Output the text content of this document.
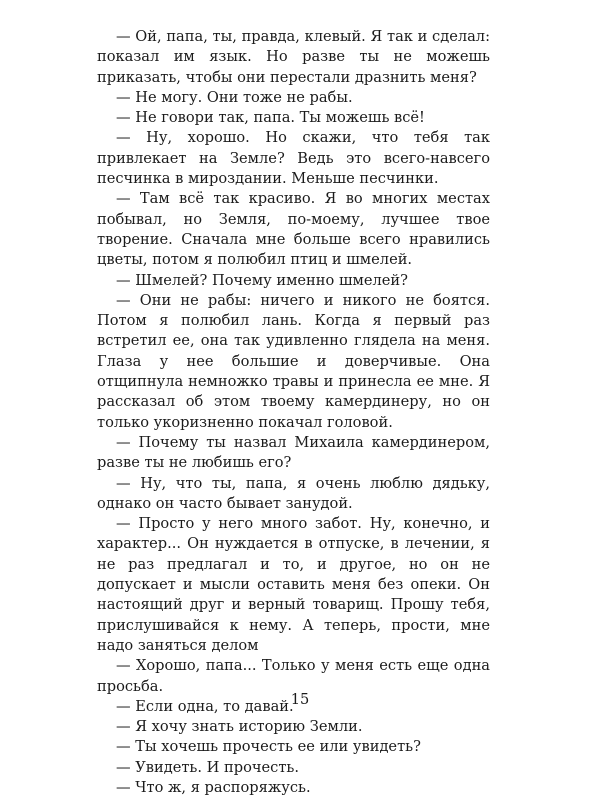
— Ой, папа, ты, правда, клевый. Я так и сделал: показал им язык. Но разве ты не можешь приказать, чтобы они перестали дразнить меня?

— Не могу. Они тоже не рабы.

— Не говори так, папа. Ты можешь всё!

— Ну, хорошо. Но скажи, что тебя так привлекает на Земле? Ведь это всего-навсего песчинка в мироздании. Меньше песчинки.

— Там всё так красиво. Я во многих местах побывал, но Земля, по-моему, лучшее твое творение. Сначала мне больше всего нравились цветы, потом я полюбил птиц и шмелей.

— Шмелей? Почему именно шмелей?

— Они не рабы: ничего и никого не боятся. Потом я полюбил лань. Когда я первый раз встретил ее, она так удивленно глядела на меня. Глаза у нее большие и доверчивые. Она отщипнула немножко травы и принесла ее мне. Я рассказал об этом твоему камердинеру, но он только укоризненно покачал головой.

— Почему ты назвал Михаила камердинером, разве ты не любишь его?

— Ну, что ты, папа, я очень люблю дядьку, однако он часто бывает занудой.

— Просто у него много забот. Ну, конечно, и характер... Он нуждается в отпуске, в лечении, я не раз предлагал и то, и другое, но он не допускает и мысли оставить меня без опеки. Он настоящий друг и верный товарищ. Прошу тебя, прислушивайся к нему. А теперь, прости, мне надо заняться делом

— Хорошо, папа... Только у меня есть еще одна просьба.

— Если одна, то давай.

— Я хочу знать историю Земли.

— Ты хочешь прочесть ее или увидеть?

— Увидеть. И прочесть.

— Что ж, я распоряжусь.

15
